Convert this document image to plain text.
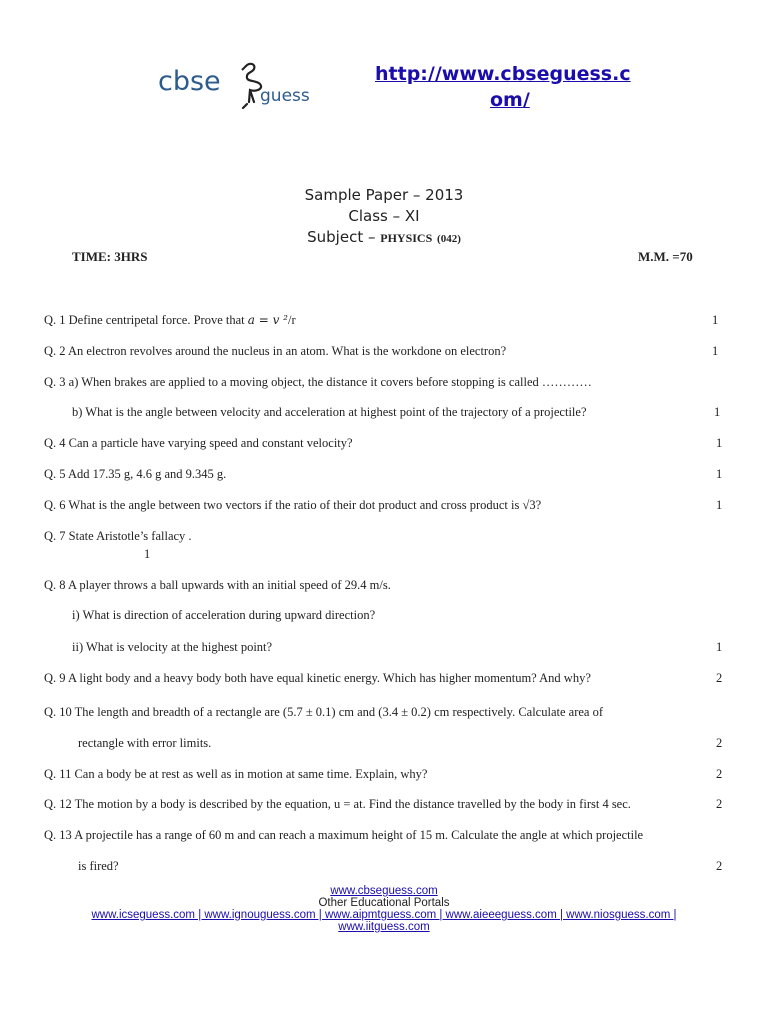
cbse guess
http://www.cbseguess.c
om/
Sample Paper – 2013
Class – XI
Subject – PHYSICS (042)
TIME: 3HRS	M.M. =70
Q. 1 Define centripetal force. Prove that a = v ²/r	1
Q. 2 An electron revolves around the nucleus in an atom. What is the workdone on electron?	1
Q. 3 a) When brakes are applied to a moving object, the distance it covers before stopping is called …………
b) What is the angle between velocity and acceleration at highest point of the trajectory of a projectile?	1
Q. 4 Can a particle have varying speed and constant velocity?	1
Q. 5 Add 17.35 g, 4.6 g and 9.345 g.	1
Q. 6 What is the angle between two vectors if the ratio of their dot product and cross product is √3?	1
Q. 7 State Aristotle’s fallacy .
1
Q. 8 A player throws a ball upwards with an initial speed of 29.4 m/s.
i) What is direction of acceleration during upward direction?
ii) What is velocity at the highest point?	1
Q. 9 A light body and a heavy body both have equal kinetic energy. Which has higher momentum? And why?	2
Q. 10 The length and breadth of a rectangle are (5.7 ± 0.1) cm and (3.4 ± 0.2) cm respectively. Calculate area of
rectangle with error limits.	2
Q. 11 Can a body be at rest as well as in motion at same time. Explain, why?	2
Q. 12 The motion by a body is described by the equation, u = at. Find the distance travelled by the body in first 4 sec.	2
Q. 13 A projectile has a range of 60 m and can reach a maximum height of 15 m. Calculate the angle at which projectile
is fired?	2
www.cbseguess.com
Other Educational Portals
www.icseguess.com | www.ignouguess.com | www.aipmtguess.com | www.aieeeguess.com | www.niosguess.com |
www.iitguess.com
